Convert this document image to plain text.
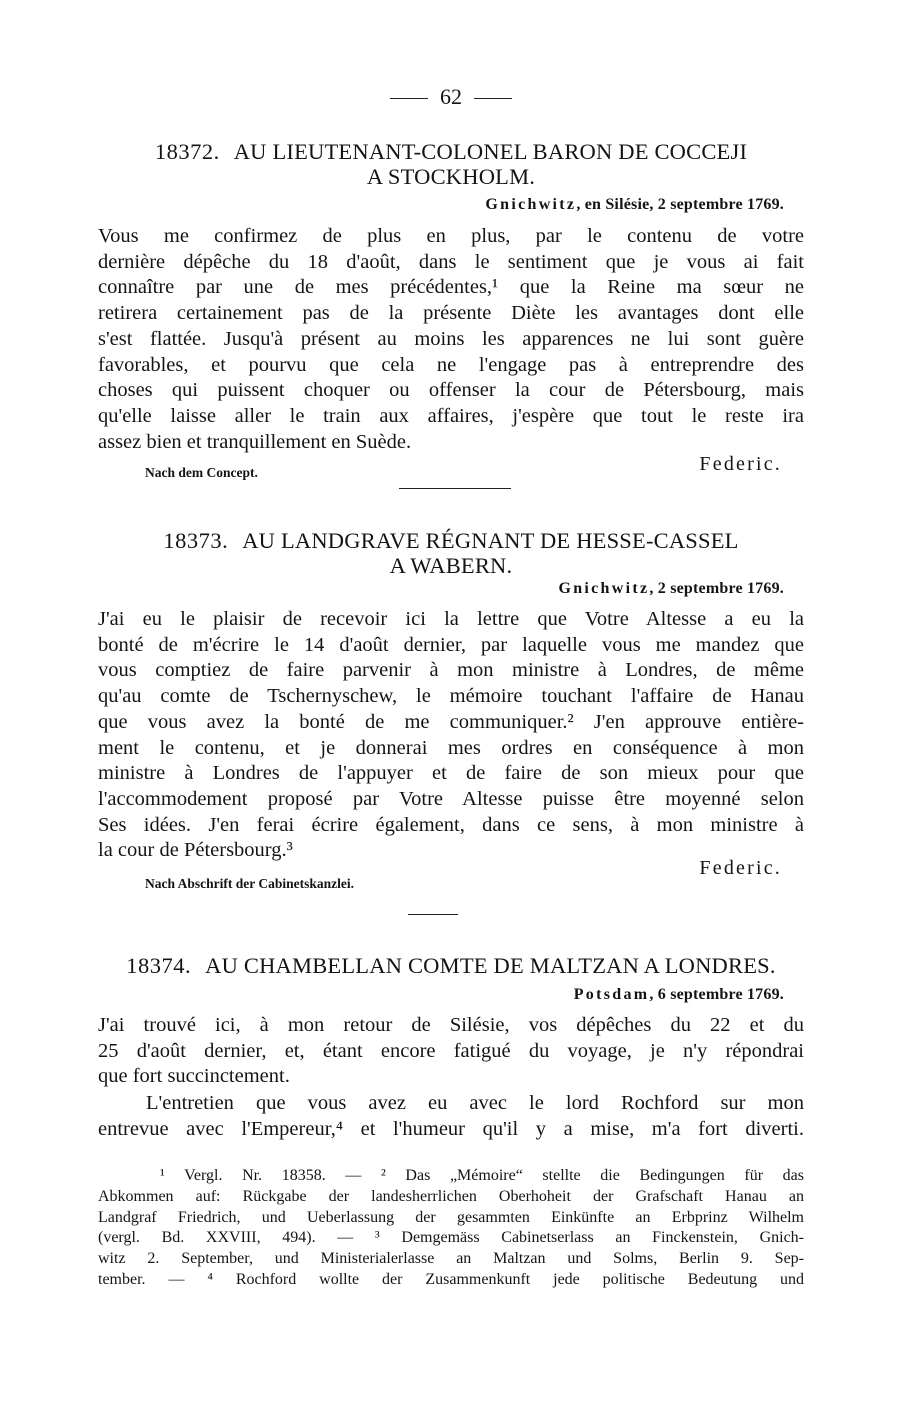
62
18372. AU LIEUTENANT-COLONEL BARON DE COCCEJI
A STOCKHOLM.
Gnichwitz, en Silésie, 2 septembre 1769.
Vous me confirmez de plus en plus, par le contenu de votre
dernière dépêche du 18 d'août, dans le sentiment que je vous ai fait
connaître par une de mes précédentes,¹ que la Reine ma sœur ne
retirera certainement pas de la présente Diète les avantages dont elle
s'est flattée. Jusqu'à présent au moins les apparences ne lui sont guère
favorables, et pourvu que cela ne l'engage pas à entreprendre des
choses qui puissent choquer ou offenser la cour de Pétersbourg, mais
qu'elle laisse aller le train aux affaires, j'espère que tout le reste ira
assez bien et tranquillement en Suède.
Nach dem Concept.	Federic.
18373. AU LANDGRAVE RÉGNANT DE HESSE-CASSEL
A WABERN.
Gnichwitz, 2 septembre 1769.
J'ai eu le plaisir de recevoir ici la lettre que Votre Altesse a eu la
bonté de m'écrire le 14 d'août dernier, par laquelle vous me mandez que
vous comptiez de faire parvenir à mon ministre à Londres, de même
qu'au comte de Tschernyschew, le mémoire touchant l'affaire de Hanau
que vous avez la bonté de me communiquer.² J'en approuve entière-
ment le contenu, et je donnerai mes ordres en conséquence à mon
ministre à Londres de l'appuyer et de faire de son mieux pour que
l'accommodement proposé par Votre Altesse puisse être moyenné selon
Ses idées. J'en ferai écrire également, dans ce sens, à mon ministre à
la cour de Pétersbourg.³
Nach Abschrift der Cabinetskanzlei.
Federic.
18374. AU CHAMBELLAN COMTE DE MALTZAN A LONDRES.
Potsdam, 6 septembre 1769.
J'ai trouvé ici, à mon retour de Silésie, vos dépêches du 22 et du
25 d'août dernier, et, étant encore fatigué du voyage, je n'y répondrai
que fort succinctement.
L'entretien que vous avez eu avec le lord Rochford sur mon
entrevue avec l'Empereur,⁴ et l'humeur qu'il y a mise, m'a fort diverti.
¹ Vergl. Nr. 18358. — ² Das „Mémoire“ stellte die Bedingungen für das
Abkommen auf: Rückgabe der landesherrlichen Oberhoheit der Grafschaft Hanau an
Landgraf Friedrich, und Ueberlassung der gesammten Einkünfte an Erbprinz Wilhelm
(vergl. Bd. XXVIII, 494). — ³ Demgemäss Cabinetserlass an Finckenstein, Gnich-
witz 2. September, und Ministerialerlasse an Maltzan und Solms, Berlin 9. Sep-
tember. — ⁴ Rochford wollte der Zusammenkunft jede politische Bedeutung und
